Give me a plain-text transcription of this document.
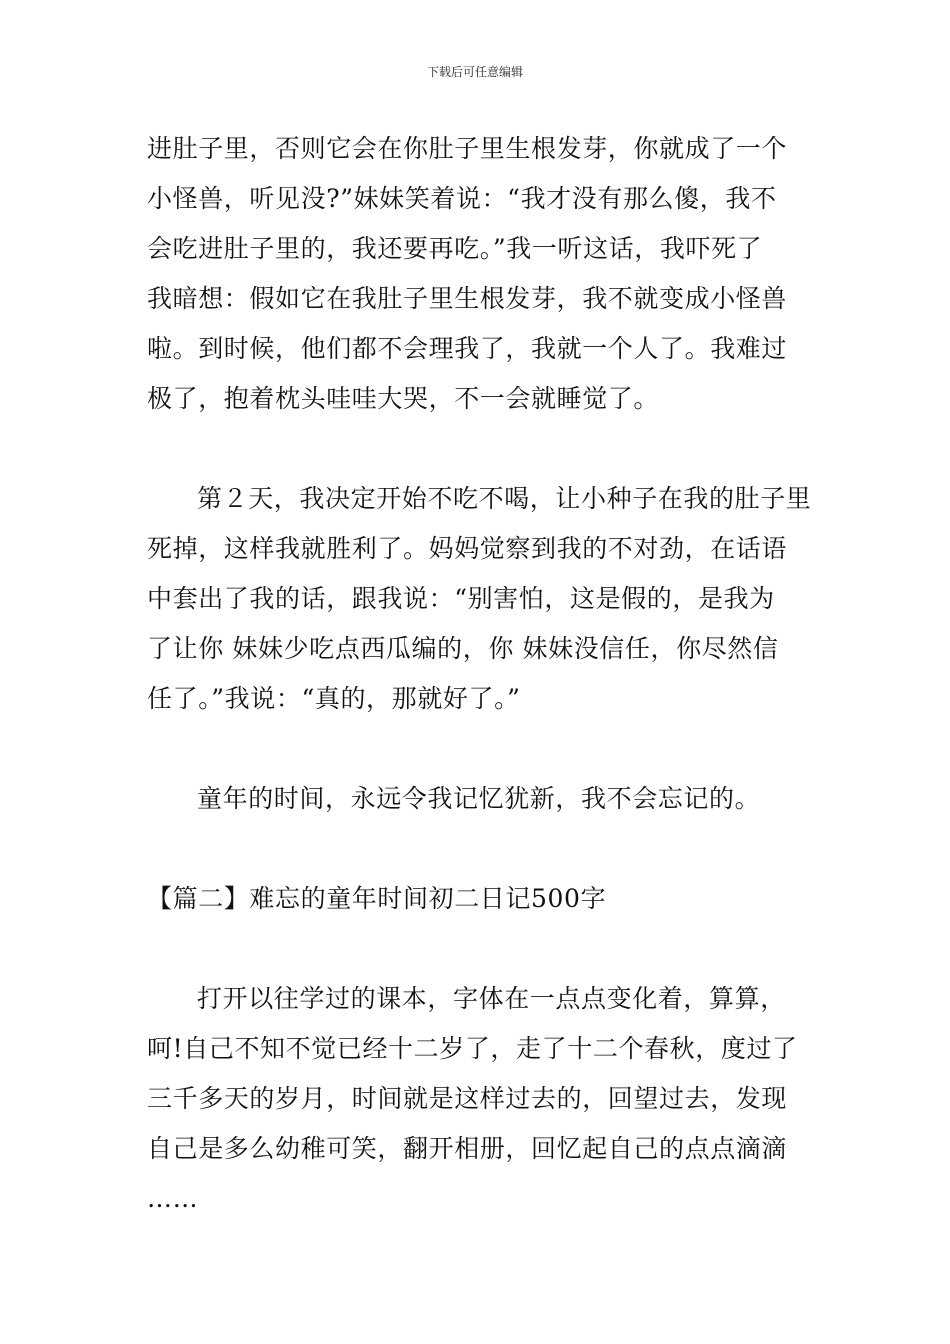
下载后可任意编辑
进肚子里，否则它会在你肚子里生根发芽，你就成了一个
小怪兽，听见没?”妹妹笑着说：“我才没有那么傻，我不
会吃进肚子里的，我还要再吃。”我一听这话，我吓死了
我暗想：假如它在我肚子里生根发芽，我不就变成小怪兽
啦。到时候，他们都不会理我了，我就一个人了。我难过
极了，抱着枕头哇哇大哭，不一会就睡觉了。
第２天，我决定开始不吃不喝，让小种子在我的肚子里
死掉，这样我就胜利了。妈妈觉察到我的不对劲，在话语
中套出了我的话，跟我说：“别害怕，这是假的，是我为
了让你 妹妹少吃点西瓜编的，你 妹妹没信任，你尽然信
任了。”我说：“真的，那就好了。”
童年的时间，永远令我记忆犹新，我不会忘记的。
【篇二】难忘的童年时间初二日记500字
打开以往学过的课本，字体在一点点变化着，算算，
呵!自己不知不觉已经十二岁了，走了十二个春秋，度过了
三千多天的岁月，时间就是这样过去的，回望过去，发现
自己是多么幼稚可笑，翻开相册，回忆起自己的点点滴滴
……
